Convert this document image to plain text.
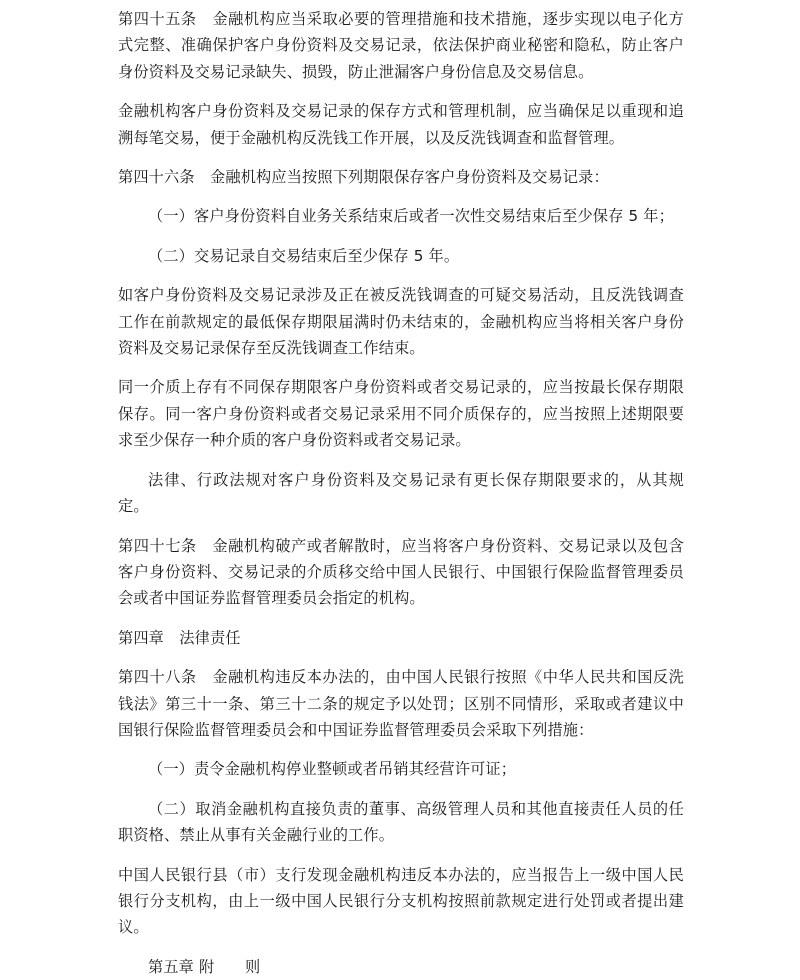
第四十五条　金融机构应当采取必要的管理措施和技术措施，逐步实现以电子化方式完整、准确保护客户身份资料及交易记录，依法保护商业秘密和隐私，防止客户身份资料及交易记录缺失、损毁，防止泄漏客户身份信息及交易信息。

金融机构客户身份资料及交易记录的保存方式和管理机制，应当确保足以重现和追溯每笔交易，便于金融机构反洗钱工作开展，以及反洗钱调查和监督管理。

第四十六条　金融机构应当按照下列期限保存客户身份资料及交易记录：

（一）客户身份资料自业务关系结束后或者一次性交易结束后至少保存 5 年；

（二）交易记录自交易结束后至少保存 5 年。

如客户身份资料及交易记录涉及正在被反洗钱调查的可疑交易活动，且反洗钱调查工作在前款规定的最低保存期限届满时仍未结束的，金融机构应当将相关客户身份资料及交易记录保存至反洗钱调查工作结束。

同一介质上存有不同保存期限客户身份资料或者交易记录的，应当按最长保存期限保存。同一客户身份资料或者交易记录采用不同介质保存的，应当按照上述期限要求至少保存一种介质的客户身份资料或者交易记录。

法律、行政法规对客户身份资料及交易记录有更长保存期限要求的，从其规定。

第四十七条　金融机构破产或者解散时，应当将客户身份资料、交易记录以及包含客户身份资料、交易记录的介质移交给中国人民银行、中国银行保险监督管理委员会或者中国证券监督管理委员会指定的机构。

第四章　法律责任

第四十八条　金融机构违反本办法的，由中国人民银行按照《中华人民共和国反洗钱法》第三十一条、第三十二条的规定予以处罚；区别不同情形，采取或者建议中国银行保险监督管理委员会和中国证券监督管理委员会采取下列措施：

（一）责令金融机构停业整顿或者吊销其经营许可证；

（二）取消金融机构直接负责的董事、高级管理人员和其他直接责任人员的任职资格、禁止从事有关金融行业的工作。

中国人民银行县（市）支行发现金融机构违反本办法的，应当报告上一级中国人民银行分支机构，由上一级中国人民银行分支机构按照前款规定进行处罚或者提出建议。

第五章 附　　则
